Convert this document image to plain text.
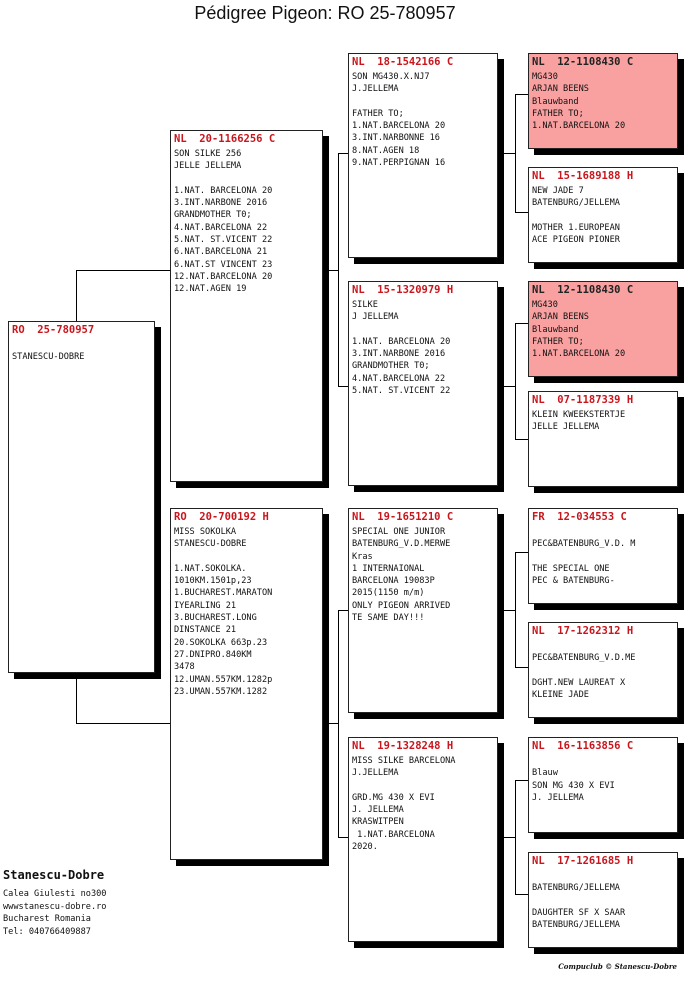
Pédigree Pigeon: RO 25-780957
RO  25-780957
STANESCU-DOBRE
NL  20-1166256 C
SON SILKE 256
JELLE JELLEMA
1.NAT. BARCELONA 20
3.INT.NARBONE 2016
GRANDMOTHER T0;
4.NAT.BARCELONA 22
5.NAT. ST.VICENT 22
6.NAT.BARCELONA 21
6.NAT.ST VINCENT 23
12.NAT.BARCELONA 20
12.NAT.AGEN 19
RO  20-700192 H
MISS SOKOLKA
STANESCU-DOBRE
1.NAT.SOKOLKA.
1010KM.1501p,23
1.BUCHAREST.MARATON
IYEARLING 21
3.BUCHAREST.LONG
DINSTANCE 21
20.SOKOLKA 663p.23
27.DNIPRO.840KM
3478
12.UMAN.557KM.1282p
23.UMAN.557KM.1282
NL  18-1542166 C
SON MG430.X.NJ7
J.JELLEMA
FATHER TO;
1.NAT.BARCELONA 20
3.INT.NARBONNE 16
8.NAT.AGEN 18
9.NAT.PERPIGNAN 16
NL  15-1320979 H
SILKE
J JELLEMA
1.NAT. BARCELONA 20
3.INT.NARBONE 2016
GRANDMOTHER T0;
4.NAT.BARCELONA 22
5.NAT. ST.VICENT 22
NL  19-1651210 C
SPECIAL ONE JUNIOR
BATENBURG_V.D.MERWE
Kras
1 INTERNAIONAL
BARCELONA 19083P
2015(1150 m/m)
ONLY PIGEON ARRIVED
TE SAME DAY!!!
NL  19-1328248 H
MISS SILKE BARCELONA
J.JELLEMA
GRD.MG 430 X EVI
J. JELLEMA
KRASWITPEN
1.NAT.BARCELONA
2020.
NL  12-1108430 C
MG430
ARJAN BEENS
Blauwband
FATHER TO;
1.NAT.BARCELONA 20
NL  15-1689188 H
NEW JADE 7
BATENBURG/JELLEMA
MOTHER 1.EUROPEAN
ACE PIGEON PIONER
NL  12-1108430 C
MG430
ARJAN BEENS
Blauwband
FATHER TO;
1.NAT.BARCELONA 20
NL  07-1187339 H
KLEIN KWEEKSTERTJE
JELLE JELLEMA
FR  12-034553 C
PEC&BATENBURG_V.D. M
THE SPECIAL ONE
PEC & BATENBURG-
NL  17-1262312 H
PEC&BATENBURG_V.D.ME
DGHT.NEW LAUREAT X
KLEINE JADE
NL  16-1163856 C
Blauw
SON MG 430 X EVI
J. JELLEMA
NL  17-1261685 H
BATENBURG/JELLEMA
DAUGHTER SF X SAAR
BATENBURG/JELLEMA
Stanescu-Dobre
Calea Giulesti no300
wwwstanescu-dobre.ro
Bucharest Romania
Tel: 040766409887
Compuclub © Stanescu-Dobre
